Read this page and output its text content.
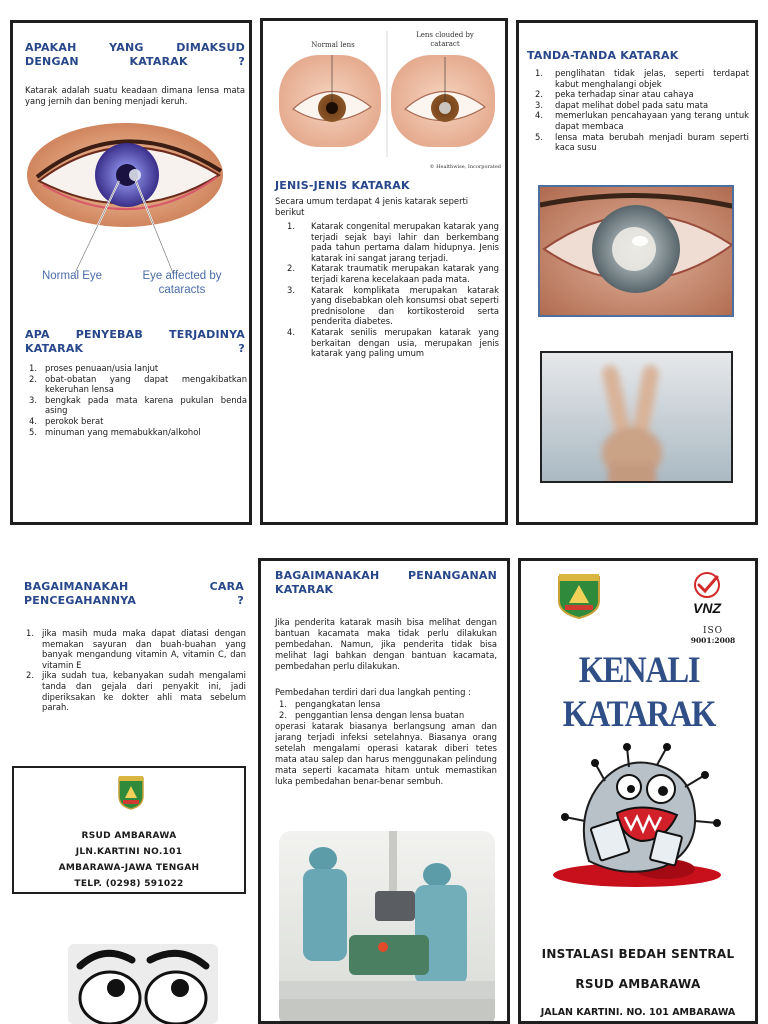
APAKAH YANG DIMAKSUD DENGAN KATARAK ?
Katarak adalah suatu keadaan dimana lensa mata yang jernih dan bening menjadi keruh.
Normal Eye	Eye affected by cataracts
APA PENYEBAB TERJADINYA KATARAK ?
proses penuaan/usia lanjut
obat-obatan yang dapat mengakibatkan kekeruhan lensa
bengkak pada mata karena pukulan benda asing
perokok berat
minuman yang memabukkan/alkohol
Normal lens
Lens clouded by cataract
© Healthwise, Incorporated
JENIS-JENIS KATARAK
Secara umum terdapat 4 jenis katarak seperti berikut
Katarak congenital merupakan katarak yang terjadi sejak bayi lahir dan berkembang pada tahun pertama dalam hidupnya. Jenis katarak ini sangat jarang terjadi.
Katarak traumatik merupakan katarak yang terjadi karena kecelakaan pada mata.
Katarak komplikata merupakan katarak yang disebabkan oleh konsumsi obat seperti prednisolone dan kortikosteroid serta penderita diabetes.
Katarak senilis merupakan katarak yang berkaitan dengan usia, merupakan jenis katarak yang paling umum
TANDA-TANDA KATARAK
penglihatan tidak jelas, seperti terdapat kabut menghalangi objek
peka terhadap sinar atau cahaya
dapat melihat dobel pada satu mata
memerlukan pencahayaan yang terang untuk dapat membaca
lensa mata berubah menjadi buram seperti kaca susu
BAGAIMANAKAH CARA PENCEGAHANNYA ?
jika masih muda maka dapat diatasi dengan memakan sayuran dan buah-buahan yang banyak mengandung vitamin A, vitamin C, dan vitamin E
jika sudah tua, kebanyakan sudah mengalami tanda dan gejala dari penyakit ini, jadi diperiksakan ke dokter ahli mata sebelum parah.
RSUD AMBARAWA
JLN.KARTINI NO.101
AMBARAWA-JAWA TENGAH
TELP. (0298) 591022
BAGAIMANAKAH PENANGANAN KATARAK
Jika penderita katarak masih bisa melihat dengan bantuan kacamata maka tidak perlu dilakukan pembedahan. Namun, jika penderita tidak bisa melihat lagi bahkan dengan bantuan kacamata, pembedahan perlu dilakukan.
Pembedahan terdiri dari dua langkah penting :
pengangkatan lensa
penggantian lensa dengan lensa buatan
operasi katarak biasanya berlangsung aman dan jarang terjadi infeksi setelahnya. Biasanya orang setelah mengalami operasi katarak diberi tetes mata atau salep dan harus menggunakan pelindung mata seperti kacamata hitam untuk memastikan luka pembedahan benar-benar sembuh.
VNZ
ISO
9001:2008
KENALI KATARAK
INSTALASI BEDAH SENTRAL
RSUD AMBARAWA
JALAN KARTINI. NO. 101 AMBARAWA
